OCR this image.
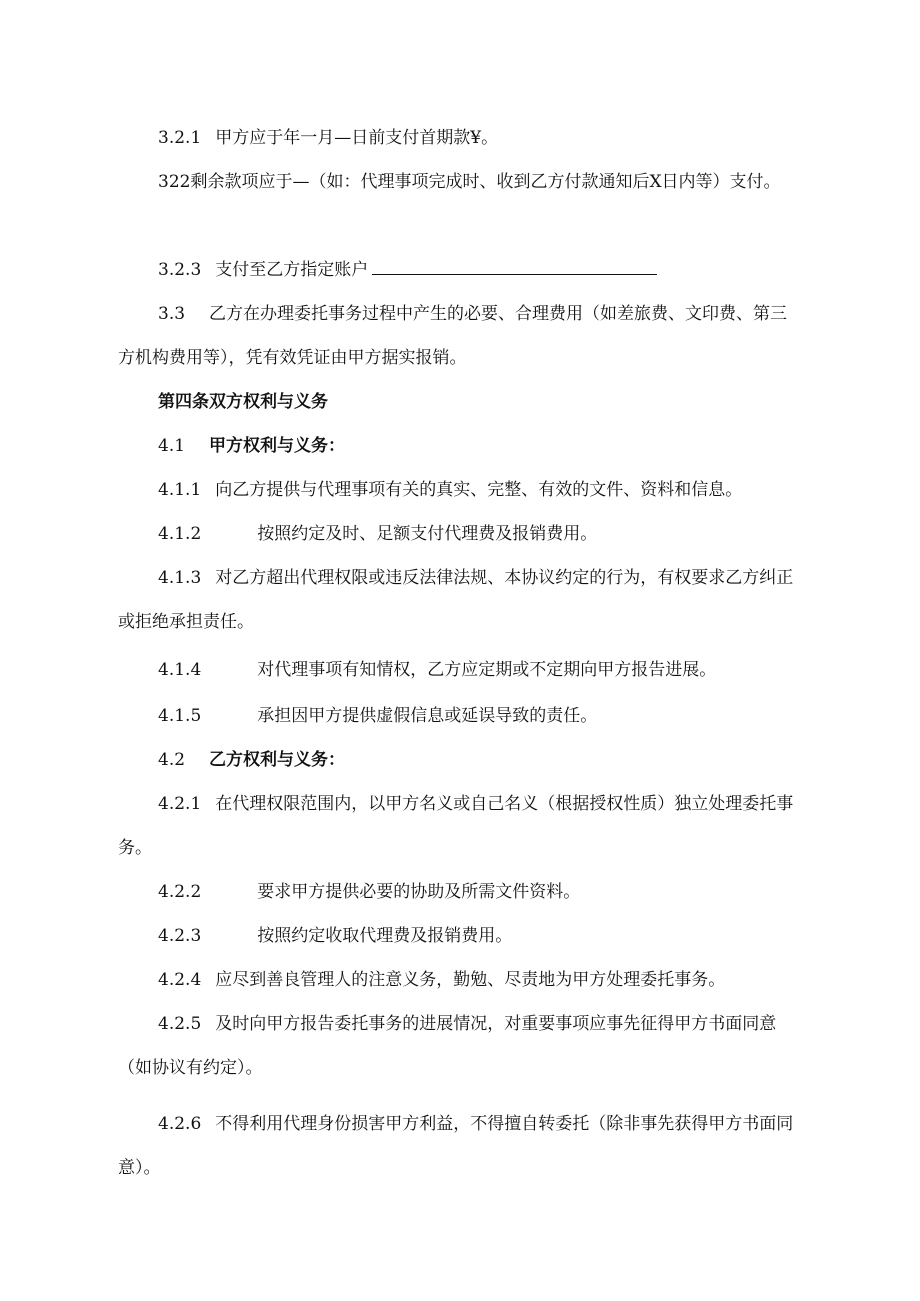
3.2.1 甲方应于年一月—日前支付首期款¥。

322剩余款项应于—（如：代理事项完成时、收到乙方付款通知后X日内等）支付。

3.2.3 支付至乙方指定账户

3.3 乙方在办理委托事务过程中产生的必要、合理费用（如差旅费、文印费、第三方机构费用等），凭有效凭证由甲方据实报销。

第四条双方权利与义务

4.1 甲方权利与义务：

4.1.1 向乙方提供与代理事项有关的真实、完整、有效的文件、资料和信息。

4.1.2	按照约定及时、足额支付代理费及报销费用。

4.1.3 对乙方超出代理权限或违反法律法规、本协议约定的行为，有权要求乙方纠正或拒绝承担责任。

4.1.4	对代理事项有知情权，乙方应定期或不定期向甲方报告进展。

4.1.5	承担因甲方提供虚假信息或延误导致的责任。

4.2 乙方权利与义务：

4.2.1 在代理权限范围内，以甲方名义或自己名义（根据授权性质）独立处理委托事务。

4.2.2	要求甲方提供必要的协助及所需文件资料。

4.2.3	按照约定收取代理费及报销费用。

4.2.4 应尽到善良管理人的注意义务，勤勉、尽责地为甲方处理委托事务。

4.2.5 及时向甲方报告委托事务的进展情况，对重要事项应事先征得甲方书面同意（如协议有约定）。

4.2.6 不得利用代理身份损害甲方利益，不得擅自转委托（除非事先获得甲方书面同意）。
